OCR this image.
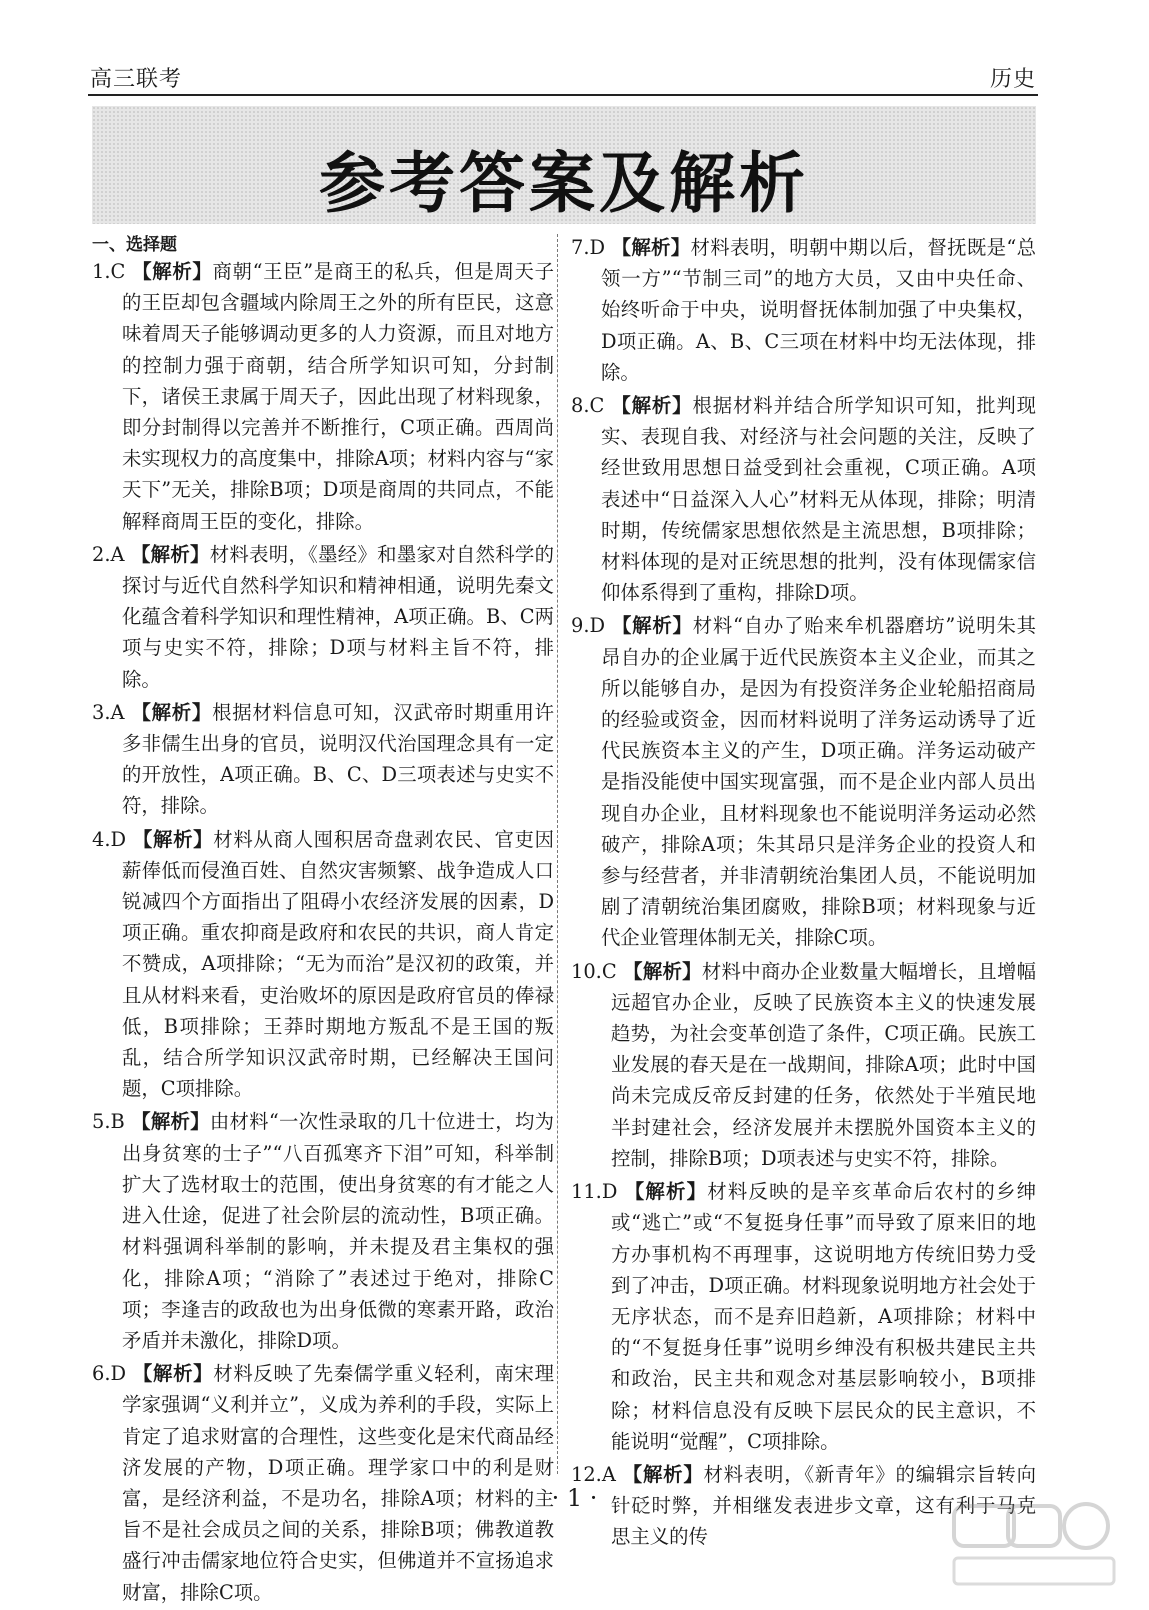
高三联考	历史
参考答案及解析
一、选择题

1.C 【解析】商朝“王臣”是商王的私兵，但是周天子的王臣却包含疆域内除周王之外的所有臣民，这意味着周天子能够调动更多的人力资源，而且对地方的控制力强于商朝，结合所学知识可知，分封制下，诸侯王隶属于周天子，因此出现了材料现象，即分封制得以完善并不断推行，C项正确。西周尚未实现权力的高度集中，排除A项；材料内容与“家天下”无关，排除B项；D项是商周的共同点，不能解释商周王臣的变化，排除。

2.A 【解析】材料表明，《墨经》和墨家对自然科学的探讨与近代自然科学知识和精神相通，说明先秦文化蕴含着科学知识和理性精神，A项正确。B、C两项与史实不符，排除；D项与材料主旨不符，排除。

3.A 【解析】根据材料信息可知，汉武帝时期重用许多非儒生出身的官员，说明汉代治国理念具有一定的开放性，A项正确。B、C、D三项表述与史实不符，排除。

4.D 【解析】材料从商人囤积居奇盘剥农民、官吏因薪俸低而侵渔百姓、自然灾害频繁、战争造成人口锐减四个方面指出了阻碍小农经济发展的因素，D项正确。重农抑商是政府和农民的共识，商人肯定不赞成，A项排除；“无为而治”是汉初的政策，并且从材料来看，吏治败坏的原因是政府官员的俸禄低，B项排除；王莽时期地方叛乱不是王国的叛乱，结合所学知识汉武帝时期，已经解决王国问题，C项排除。

5.B 【解析】由材料“一次性录取的几十位进士，均为出身贫寒的士子”“八百孤寒齐下泪”可知，科举制扩大了选材取士的范围，使出身贫寒的有才能之人进入仕途，促进了社会阶层的流动性，B项正确。材料强调科举制的影响，并未提及君主集权的强化，排除A项；“消除了”表述过于绝对，排除C项；李逢吉的政敌也为出身低微的寒素开路，政治矛盾并未激化，排除D项。

6.D 【解析】材料反映了先秦儒学重义轻利，南宋理学家强调“义利并立”，义成为养利的手段，实际上肯定了追求财富的合理性，这些变化是宋代商品经济发展的产物，D项正确。理学家口中的利是财富，是经济利益，不是功名，排除A项；材料的主旨不是社会成员之间的关系，排除B项；佛教道教盛行冲击儒家地位符合史实，但佛道并不宣扬追求财富，排除C项。

7.D 【解析】材料表明，明朝中期以后，督抚既是“总领一方”“节制三司”的地方大员，又由中央任命、始终听命于中央，说明督抚体制加强了中央集权，D项正确。A、B、C三项在材料中均无法体现，排除。

8.C 【解析】根据材料并结合所学知识可知，批判现实、表现自我、对经济与社会问题的关注，反映了经世致用思想日益受到社会重视，C项正确。A项表述中“日益深入人心”材料无从体现，排除；明清时期，传统儒家思想依然是主流思想，B项排除；材料体现的是对正统思想的批判，没有体现儒家信仰体系得到了重构，排除D项。

9.D 【解析】材料“自办了贻来牟机器磨坊”说明朱其昂自办的企业属于近代民族资本主义企业，而其之所以能够自办，是因为有投资洋务企业轮船招商局的经验或资金，因而材料说明了洋务运动诱导了近代民族资本主义的产生，D项正确。洋务运动破产是指没能使中国实现富强，而不是企业内部人员出现自办企业，且材料现象也不能说明洋务运动必然破产，排除A项；朱其昂只是洋务企业的投资人和参与经营者，并非清朝统治集团人员，不能说明加剧了清朝统治集团腐败，排除B项；材料现象与近代企业管理体制无关，排除C项。

10.C 【解析】材料中商办企业数量大幅增长，且增幅远超官办企业，反映了民族资本主义的快速发展趋势，为社会变革创造了条件，C项正确。民族工业发展的春天是在一战期间，排除A项；此时中国尚未完成反帝反封建的任务，依然处于半殖民地半封建社会，经济发展并未摆脱外国资本主义的控制，排除B项；D项表述与史实不符，排除。

11.D 【解析】材料反映的是辛亥革命后农村的乡绅或“逃亡”或“不复挺身任事”而导致了原来旧的地方办事机构不再理事，这说明地方传统旧势力受到了冲击，D项正确。材料现象说明地方社会处于无序状态，而不是弃旧趋新，A项排除；材料中的“不复挺身任事”说明乡绅没有积极共建民主共和政治，民主共和观念对基层影响较小，B项排除；材料信息没有反映下层民众的民主意识，不能说明“觉醒”，C项排除。

12.A 【解析】材料表明，《新青年》的编辑宗旨转向针砭时弊，并相继发表进步文章，这有利于马克思主义的传

· 1 ·
